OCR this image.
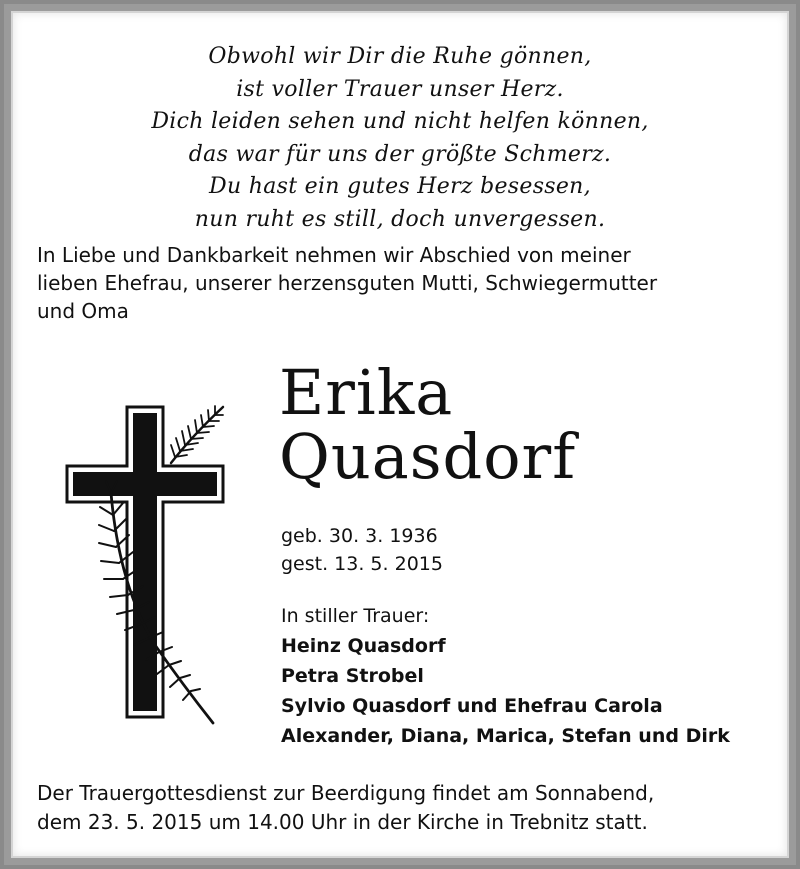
Obwohl wir Dir die Ruhe gönnen,
ist voller Trauer unser Herz.
Dich leiden sehen und nicht helfen können,
das war für uns der größte Schmerz.
Du hast ein gutes Herz besessen,
nun ruht es still, doch unvergessen.
In Liebe und Dankbarkeit nehmen wir Abschied von meiner
lieben Ehefrau, unserer herzensguten Mutti, Schwiegermutter
und Oma
Erika
Quasdorf
geb. 30. 3. 1936
gest. 13. 5. 2015
In stiller Trauer:
Heinz Quasdorf
Petra Strobel
Sylvio Quasdorf und Ehefrau Carola
Alexander, Diana, Marica, Stefan und Dirk
Der Trauergottesdienst zur Beerdigung findet am Sonnabend,
dem 23. 5. 2015 um 14.00 Uhr in der Kirche in Trebnitz statt.
